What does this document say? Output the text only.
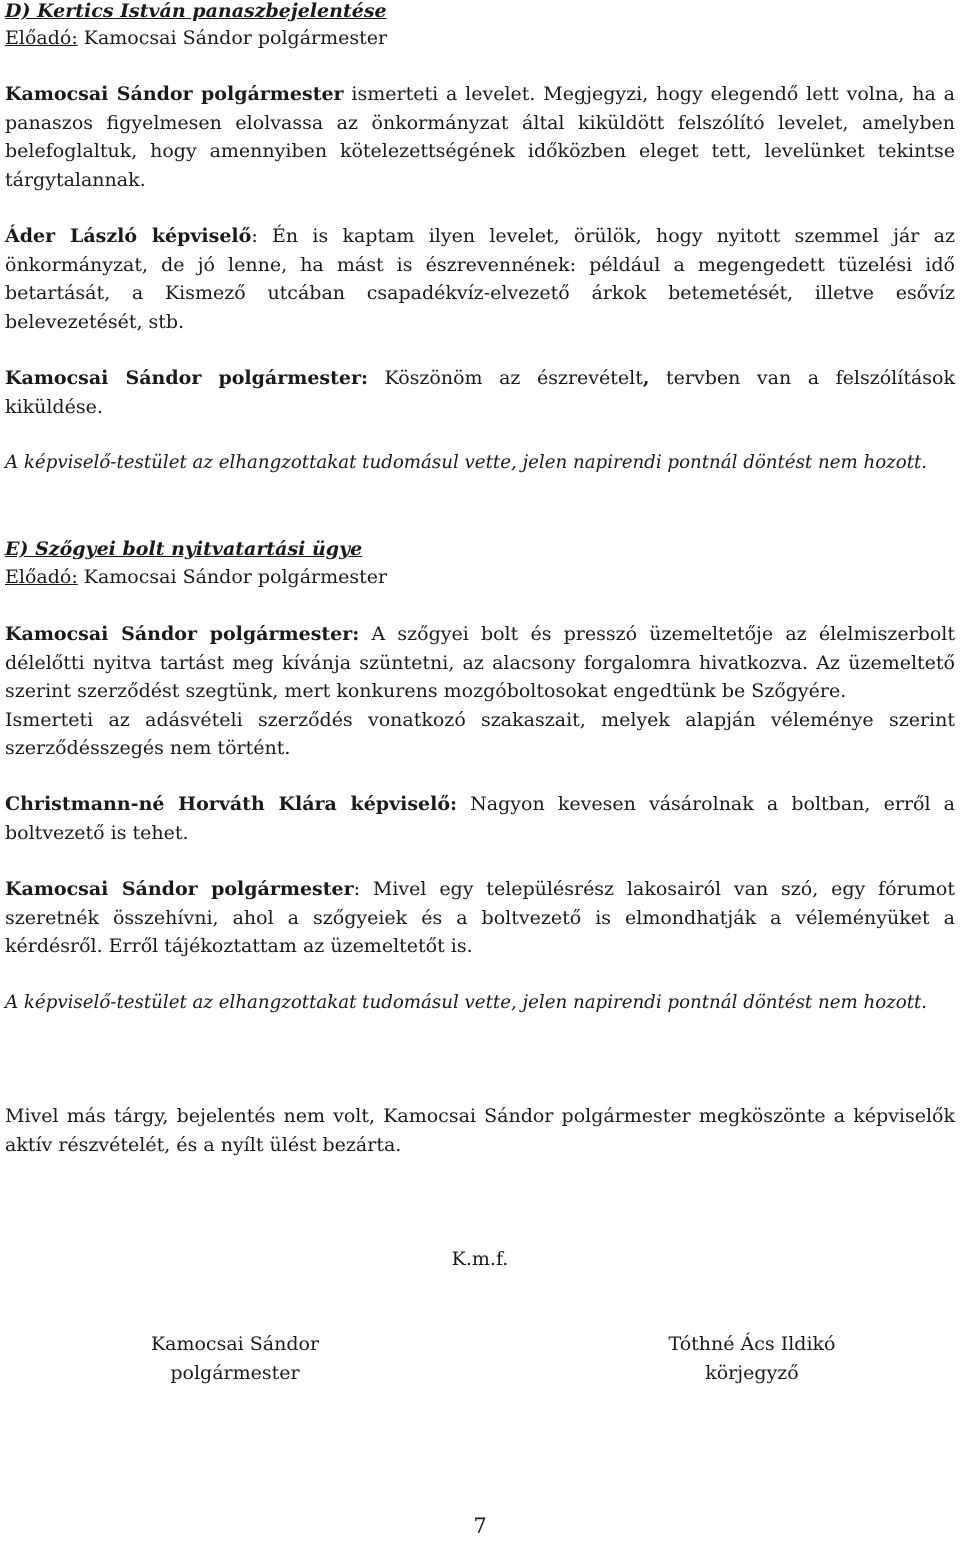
D) Kertics István panaszbejelentése
Előadó: Kamocsai Sándor polgármester
Kamocsai Sándor polgármester ismerteti a levelet. Megjegyzi, hogy elegendő lett volna, ha a
panaszos figyelmesen elolvassa az önkormányzat által kiküldött felszólító levelet, amelyben
belefoglaltuk, hogy amennyiben kötelezettségének időközben eleget tett, levelünket tekintse
tárgytalannak.
Áder László képviselő: Én is kaptam ilyen levelet, örülök, hogy nyitott szemmel jár az
önkormányzat, de jó lenne, ha mást is észrevennének: például a megengedett tüzelési idő
betartását, a Kismező utcában csapadékvíz-elvezető árkok betemetését, illetve esővíz
belevezetését, stb.
Kamocsai Sándor polgármester: Köszönöm az észrevételt, tervben van a felszólítások
kiküldése.
A képviselő-testület az elhangzottakat tudomásul vette, jelen napirendi pontnál döntést nem hozott.
E) Szőgyei bolt nyitvatartási ügye
Előadó: Kamocsai Sándor polgármester
Kamocsai Sándor polgármester: A szőgyei bolt és presszó üzemeltetője az élelmiszerbolt
délelőtti nyitva tartást meg kívánja szüntetni, az alacsony forgalomra hivatkozva. Az üzemeltető
szerint szerződést szegtünk, mert konkurens mozgóboltosokat engedtünk be Szőgyére.
Ismerteti az adásvételi szerződés vonatkozó szakaszait, melyek alapján véleménye szerint
szerződésszegés nem történt.
Christmann-né Horváth Klára képviselő: Nagyon kevesen vásárolnak a boltban, erről a
boltvezető is tehet.
Kamocsai Sándor polgármester: Mivel egy településrész lakosairól van szó, egy fórumot
szeretnék összehívni, ahol a szőgyeiek és a boltvezető is elmondhatják a véleményüket a
kérdésről. Erről tájékoztattam az üzemeltetőt is.
A képviselő-testület az elhangzottakat tudomásul vette, jelen napirendi pontnál döntést nem hozott.
Mivel más tárgy, bejelentés nem volt, Kamocsai Sándor polgármester megköszönte a képviselők
aktív részvételét, és a nyílt ülést bezárta.
K.m.f.
Kamocsai Sándor
polgármester
Tóthné Ács Ildikó
körjegyző
7
